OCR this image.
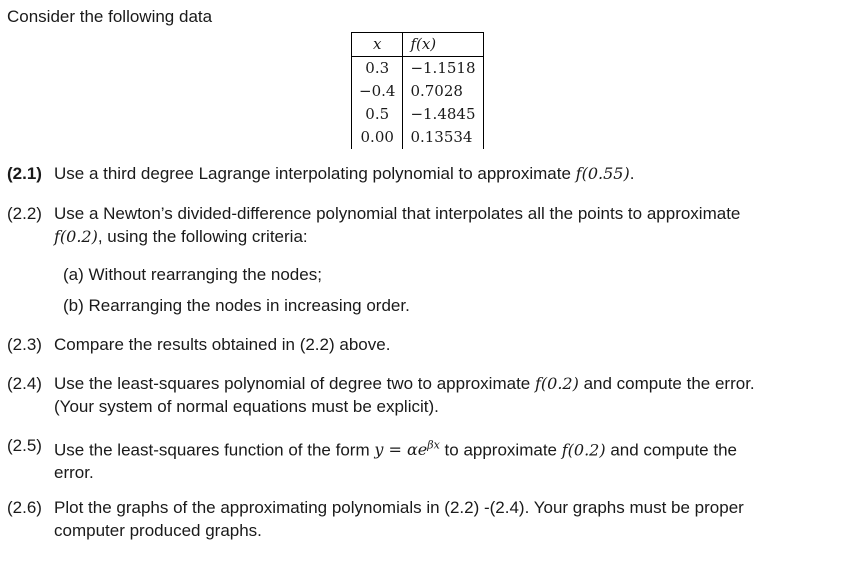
Consider the following data
x	f(x)
0.3	−1.1518
−0.4	0.7028
0.5	−1.4845
0.00	0.13534
(2.1) Use a third degree Lagrange interpolating polynomial to approximate f(0.55).
(2.2) Use a Newton’s divided-difference polynomial that interpolates all the points to approximate
f(0.2), using the following criteria:
(a) Without rearranging the nodes;
(b) Rearranging the nodes in increasing order.
(2.3) Compare the results obtained in (2.2) above.
(2.4) Use the least-squares polynomial of degree two to approximate f(0.2) and compute the error.
(Your system of normal equations must be explicit).
(2.5) Use the least-squares function of the form $y = \alpha e^{\beta x}$ to approximate f(0.2) and compute the
error.
(2.6) Plot the graphs of the approximating polynomials in (2.2) -(2.4). Your graphs must be proper
computer produced graphs.
